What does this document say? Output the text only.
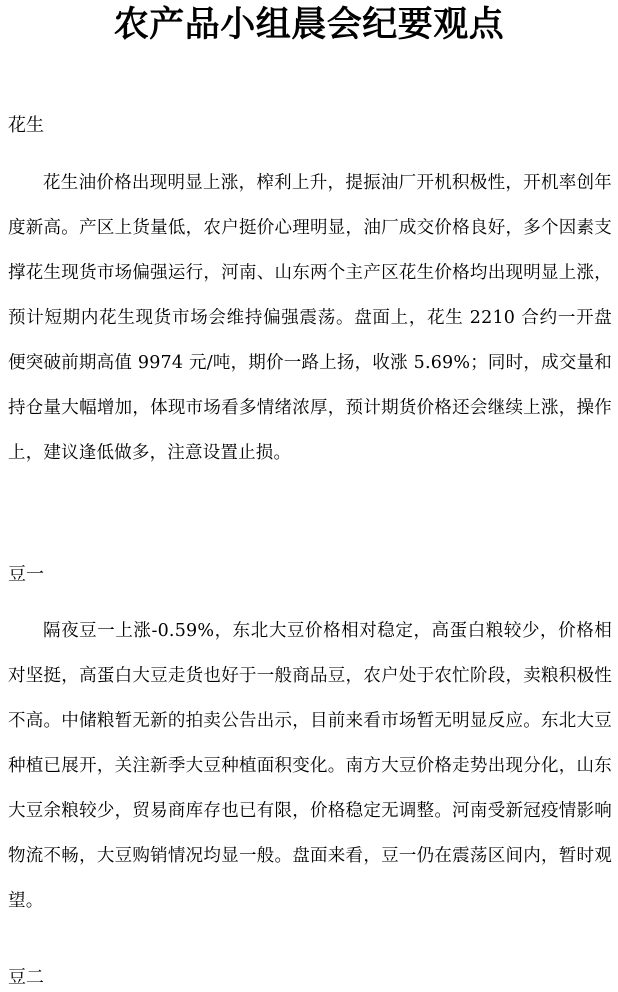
农产品小组晨会纪要观点

花生

花生油价格出现明显上涨，榨利上升，提振油厂开机积极性，开机率创年度新高。产区上货量低，农户挺价心理明显，油厂成交价格良好，多个因素支撑花生现货市场偏强运行，河南、山东两个主产区花生价格均出现明显上涨，预计短期内花生现货市场会维持偏强震荡。盘面上，花生 2210 合约一开盘便突破前期高值 9974 元/吨，期价一路上扬，收涨 5.69%；同时，成交量和持仓量大幅增加，体现市场看多情绪浓厚，预计期货价格还会继续上涨，操作上，建议逢低做多，注意设置止损。

豆一

隔夜豆一上涨-0.59%，东北大豆价格相对稳定，高蛋白粮较少，价格相对坚挺，高蛋白大豆走货也好于一般商品豆，农户处于农忙阶段，卖粮积极性不高。中储粮暂无新的拍卖公告出示，目前来看市场暂无明显反应。东北大豆种植已展开，关注新季大豆种植面积变化。南方大豆价格走势出现分化，山东大豆余粮较少，贸易商库存也已有限，价格稳定无调整。河南受新冠疫情影响物流不畅，大豆购销情况均显一般。盘面来看，豆一仍在震荡区间内，暂时观望。

豆二
